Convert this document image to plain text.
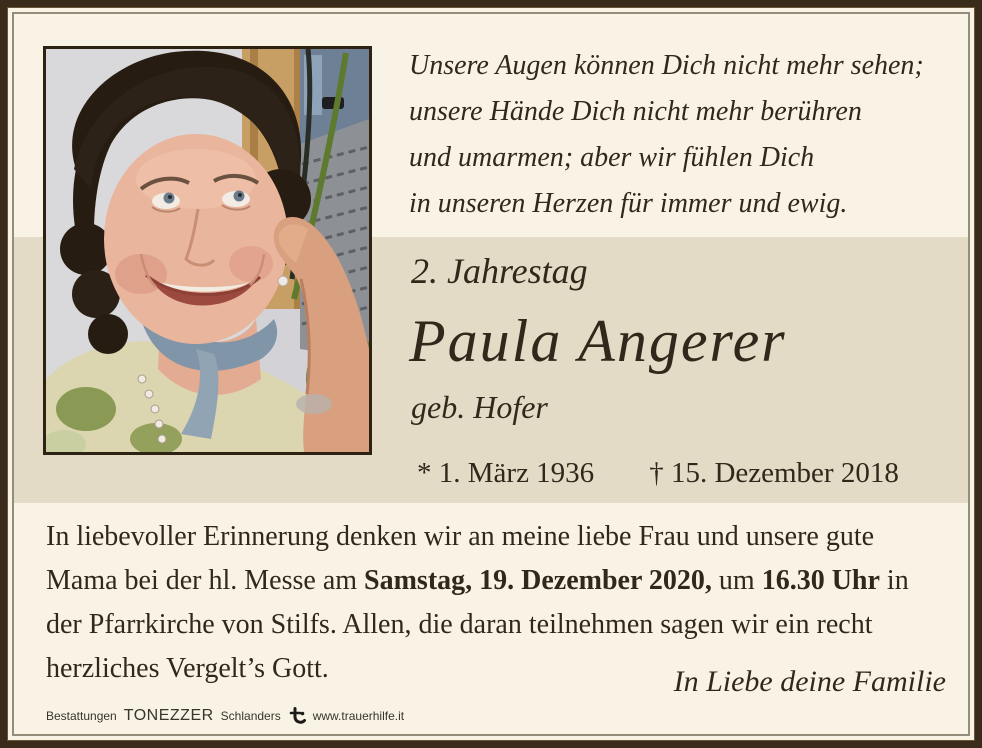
Unsere Augen können Dich nicht mehr sehen;
unsere Hände Dich nicht mehr berühren
und umarmen; aber wir fühlen Dich
in unseren Herzen für immer und ewig.
2. Jahrestag
Paula Angerer
geb. Hofer
* 1. März 1936 † 15. Dezember 2018
In liebevoller Erinnerung denken wir an meine liebe Frau und unsere gute Mama bei der hl. Messe am Samstag, 19. Dezember 2020, um 16.30 Uhr in der Pfarrkirche von Stilfs. Allen, die daran teilnehmen sagen wir ein recht herzliches Vergelt’s Gott.	In Liebe deine Familie
Bestattungen TONEZZER Schlanders	www.trauerhilfe.it
